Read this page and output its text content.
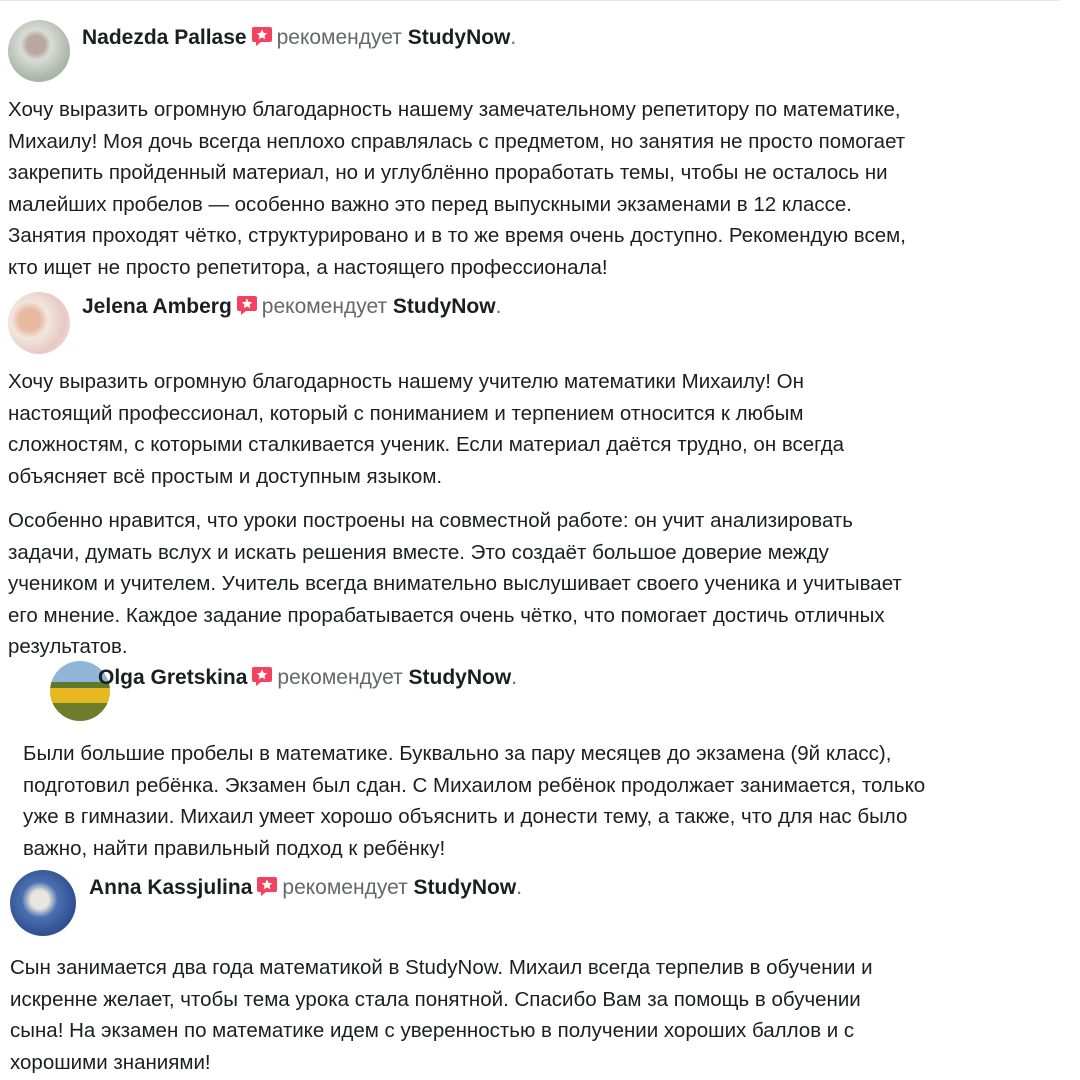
Nadezda Pallase рекомендует StudyNow.
Хочу выразить огромную благодарность нашему замечательному репетитору по математике,
Михаилу! Моя дочь всегда неплохо справлялась с предметом, но занятия не просто помогает
закрепить пройденный материал, но и углублённо проработать темы, чтобы не осталось ни
малейших пробелов — особенно важно это перед выпускными экзаменами в 12 классе.
Занятия проходят чётко, структурировано и в то же время очень доступно. Рекомендую всем,
кто ищет не просто репетитора, а настоящего профессионала!
Jelena Amberg рекомендует StudyNow.
Хочу выразить огромную благодарность нашему учителю математики Михаилу! Он
настоящий профессионал, который с пониманием и терпением относится к любым
сложностям, с которыми сталкивается ученик. Если материал даётся трудно, он всегда
объясняет всё простым и доступным языком.
Особенно нравится, что уроки построены на совместной работе: он учит анализировать
задачи, думать вслух и искать решения вместе. Это создаёт большое доверие между
учеником и учителем. Учитель всегда внимательно выслушивает своего ученика и учитывает
его мнение. Каждое задание прорабатывается очень чётко, что помогает достичь отличных
результатов.
Olga Gretskina рекомендует StudyNow.
Были большие пробелы в математике. Буквально за пару месяцев до экзамена (9й класс),
подготовил ребёнка. Экзамен был сдан. С Михаилом ребёнок продолжает занимается, только
уже в гимназии. Михаил умеет хорошо объяснить и донести тему, а также, что для нас было
важно, найти правильный подход к ребёнку!
Anna Kassjulina рекомендует StudyNow.
Сын занимается два года математикой в StudyNow. Михаил всегда терпелив в обучении и
искренне желает, чтобы тема урока стала понятной. Спасибо Вам за помощь в обучении
сына! На экзамен по математике идем с уверенностью в получении хороших баллов и с
хорошими знаниями!
